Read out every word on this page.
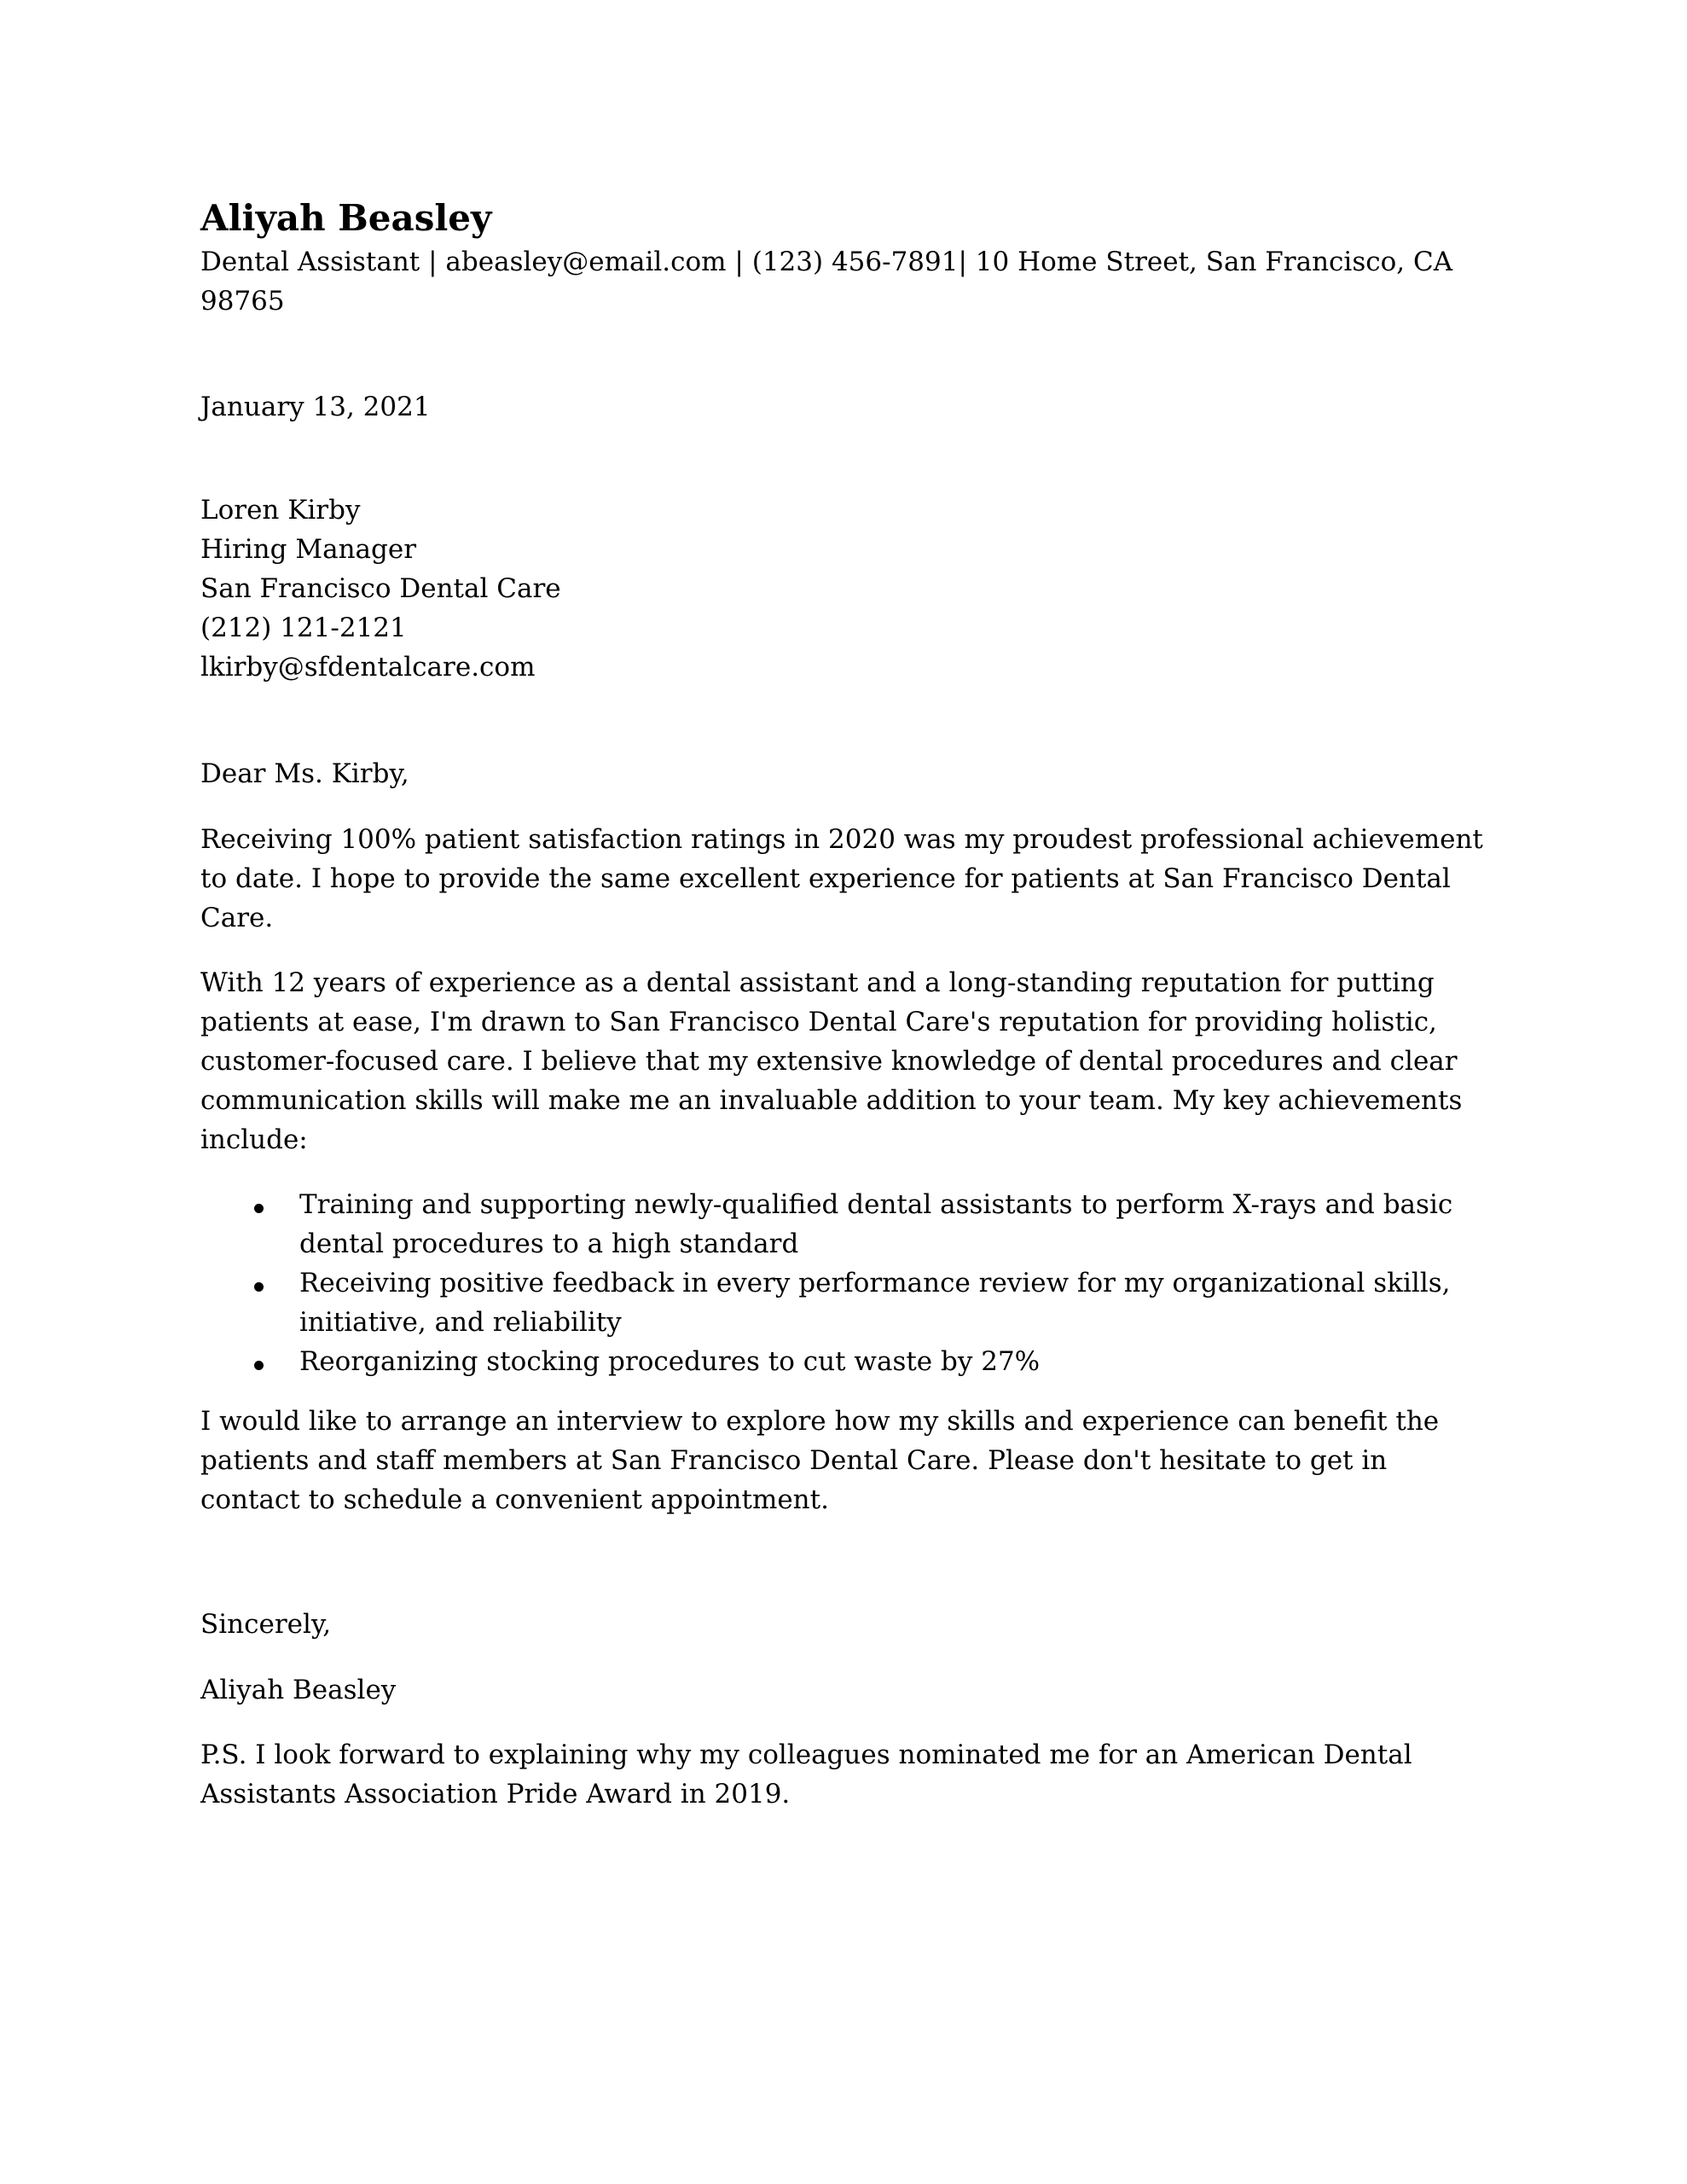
Aliyah Beasley

Dental Assistant | abeasley@email.com | (123) 456-7891| 10 Home Street, San Francisco, CA 98765

January 13, 2021

Loren Kirby

Hiring Manager

San Francisco Dental Care

(212) 121-2121

lkirby@sfdentalcare.com

Dear Ms. Kirby,

Receiving 100% patient satisfaction ratings in 2020 was my proudest professional achievement to date. I hope to provide the same excellent experience for patients at San Francisco Dental Care.

With 12 years of experience as a dental assistant and a long-standing reputation for putting patients at ease, I'm drawn to San Francisco Dental Care's reputation for providing holistic, customer-focused care. I believe that my extensive knowledge of dental procedures and clear communication skills will make me an invaluable addition to your team. My key achievements include:

Training and supporting newly-qualified dental assistants to perform X-rays and basic dental procedures to a high standard
Receiving positive feedback in every performance review for my organizational skills, initiative, and reliability
Reorganizing stocking procedures to cut waste by 27%

I would like to arrange an interview to explore how my skills and experience can benefit the patients and staff members at San Francisco Dental Care. Please don't hesitate to get in contact to schedule a convenient appointment.

Sincerely,

Aliyah Beasley

P.S. I look forward to explaining why my colleagues nominated me for an American Dental Assistants Association Pride Award in 2019.
